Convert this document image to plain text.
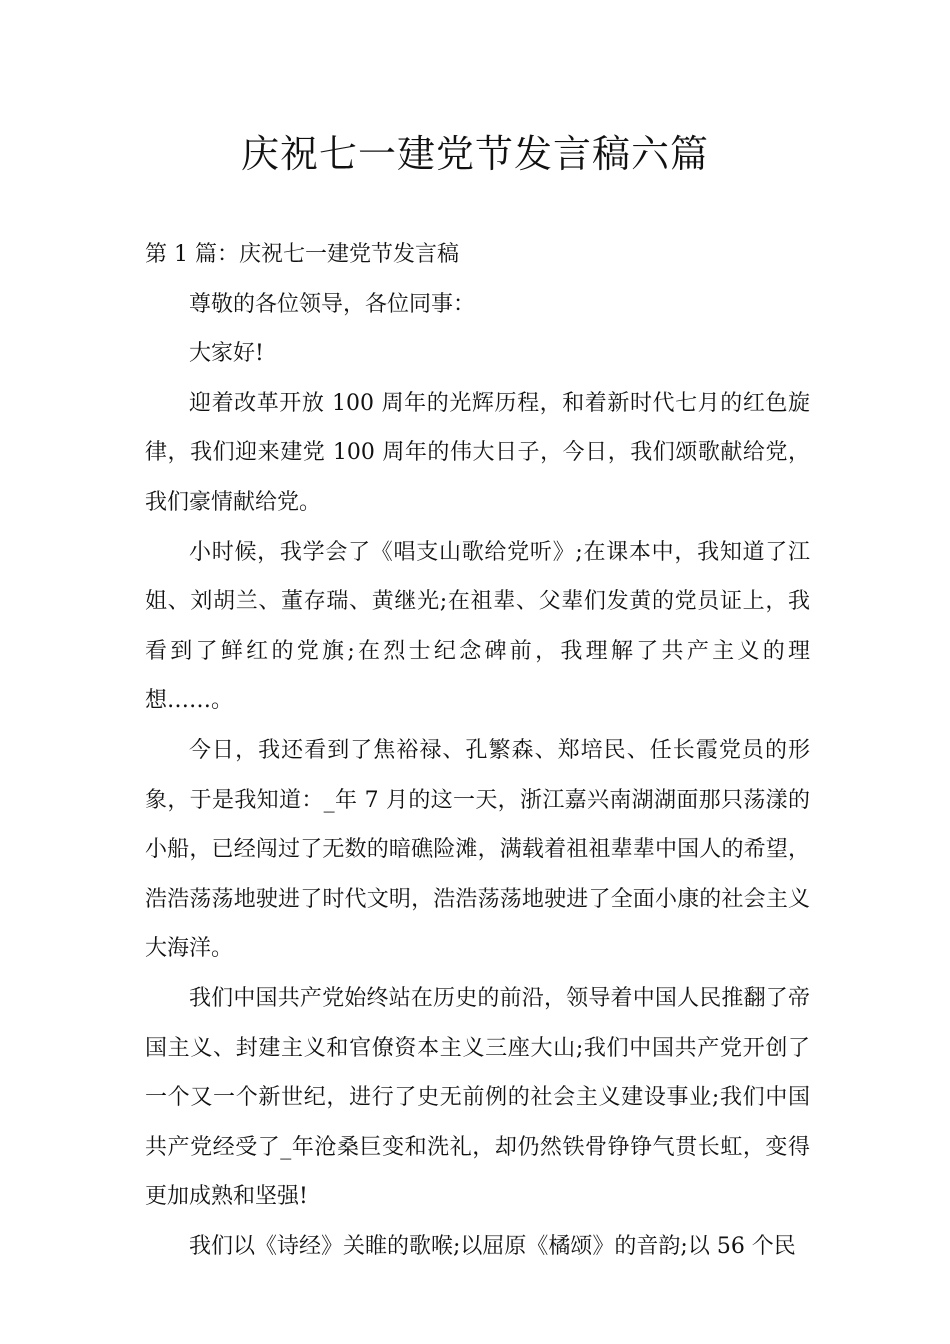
庆祝七一建党节发言稿六篇

第 1 篇：庆祝七一建党节发言稿

尊敬的各位领导，各位同事：

大家好!

迎着改革开放 100 周年的光辉历程，和着新时代七月的红色旋律，我们迎来建党 100 周年的伟大日子，今日，我们颂歌献给党，我们豪情献给党。

小时候，我学会了《唱支山歌给党听》;在课本中，我知道了江姐、刘胡兰、董存瑞、黄继光;在祖辈、父辈们发黄的党员证上，我看到了鲜红的党旗;在烈士纪念碑前，我理解了共产主义的理想……。

今日，我还看到了焦裕禄、孔繁森、郑培民、任长霞党员的形象，于是我知道：_年 7 月的这一天，浙江嘉兴南湖湖面那只荡漾的小船，已经闯过了无数的暗礁险滩，满载着祖祖辈辈中国人的希望，浩浩荡荡地驶进了时代文明，浩浩荡荡地驶进了全面小康的社会主义大海洋。

我们中国共产党始终站在历史的前沿，领导着中国人民推翻了帝国主义、封建主义和官僚资本主义三座大山;我们中国共产党开创了一个又一个新世纪，进行了史无前例的社会主义建设事业;我们中国共产党经受了_年沧桑巨变和洗礼，却仍然铁骨铮铮气贯长虹，变得更加成熟和坚强!

我们以《诗经》关睢的歌喉;以屈原《橘颂》的音韵;以 56 个民
